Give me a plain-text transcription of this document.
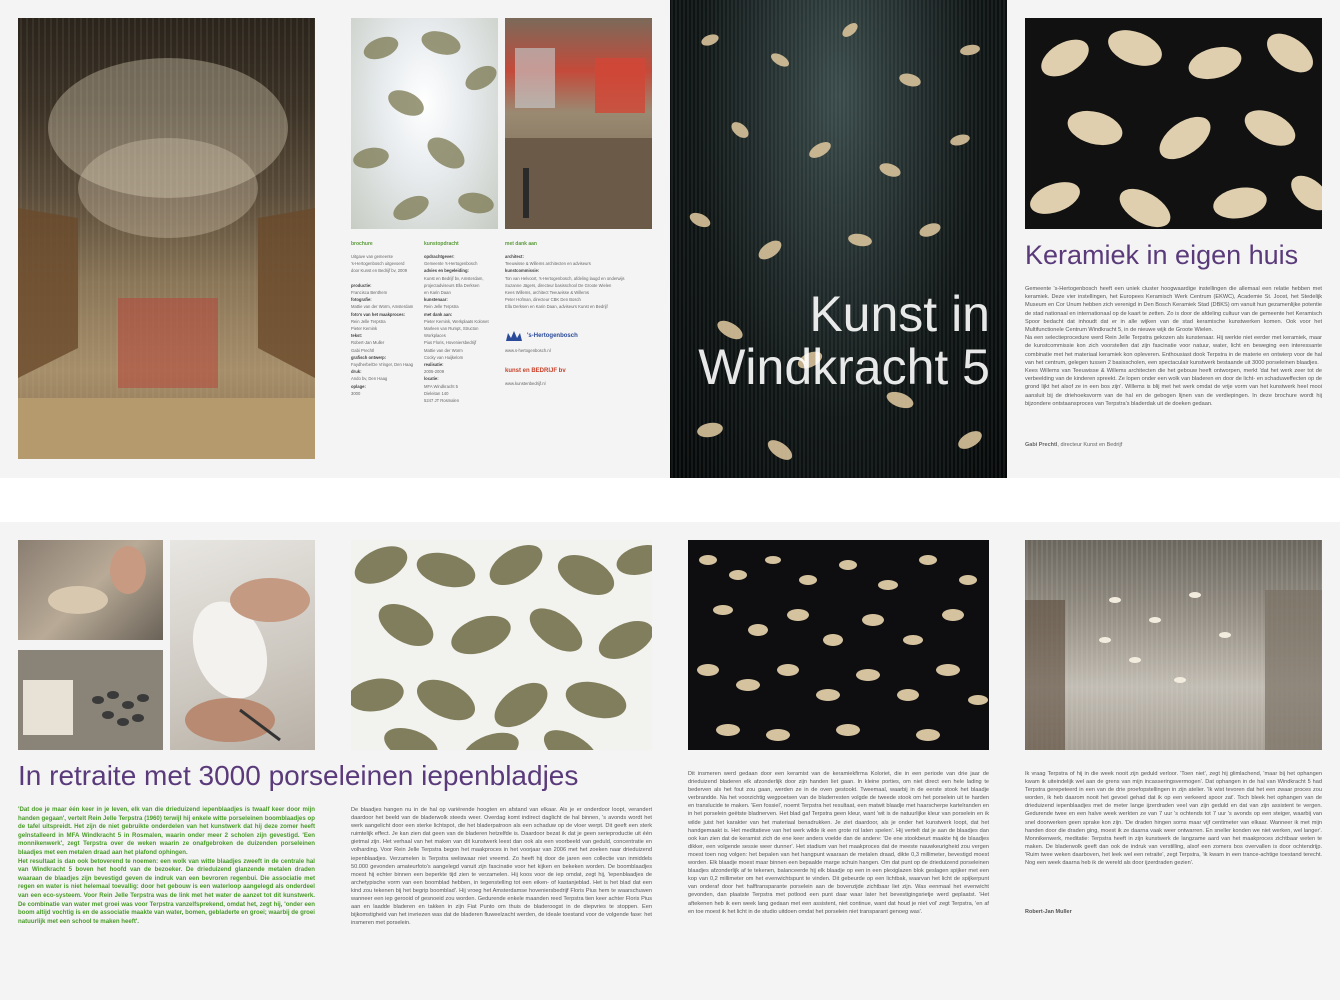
brochure
Uitgave van gemeente
's-Hertogenbosch uitgevoerd
door Kunst en Bedrijf bv, 2009

productie:
Francisca Benthem
fotografie:
Mattie van der Worm, Amsterdam
foto's van het maakproces:
Rein Jelle Terpstra
Pieter Kemink
tekst:
Robert-Jan Muller
Gabi Prechtl
grafisch ontwerp:
Faydherbe/De Vringer, Den Haag
druk:
Ando bv, Den Haag
oplage:
3000
kunstopdracht
opdrachtgever:
Gemeente 's-Hertogenbosch
advies en begeleiding:
Kunst en Bedrijf bv, Amsterdam,
projectadviseurs Ella Derksen
en Karin Daan
kunstenaar:
Rein Jelle Terpstra
met dank aan:
Pieter Kemink, Werkplaats Kolonet
Marleen van Rumpt, Structon
Workplaces
Pius Floris, Hoveniersbedrijf
Mattie van der Worm
Cocky van Huijkelom
realisatie:
2005-2009
locatie:
MFA Windkracht 5
Dieleitan 140
5247 JT Rosmalen
met dank aan
architect:
Teeuwisse & Willems architecten en adviseurs
kunstcommissie:
Ton van Helvoort, 's-Hertogenbosch, afdeling laugd en onderwijs
Suzanne Jägers, directeur basisschool De Groote Wielen
Kees Willems, architect Teeuwisse & Willems
Peter Hofman, directeur CBK Den Bosch
Ella Derksen en Karin Daan, adviseurs Kunst en Bedrijf
's-Hertogenbosch
www.s-hertogenbosch.nl
kunst en BEDRIJF bv
www.kunstenbedrijf.nl
Kunst in
Windkracht 5
Keramiek in eigen huis
Gemeente 's-Hertogenbosch heeft een uniek cluster hoogwaardige instellingen die allemaal een relatie hebben met keramiek. Deze vier instellingen, het Europees Keramisch Werk Centrum (EKWC), Academie St. Joost, het Stedelijk Museum en Cor Unum hebben zich verenigd in Den Bosch Keramiek Stad (DBKS) om vanuit hun gezamenlijke potentie de stad nationaal en internationaal op de kaart te zetten. Zo is door de afdeling cultuur van de gemeente het Keramisch Spoor bedacht dat inhoudt dat er in alle wijken van de stad keramische kunstwerken komen. Ook voor het Multifunctionele Centrum Windkracht 5, in de nieuwe wijk de Groote Wielen.
Na een selectieprocedure werd Rein Jelle Terpstra gekozen als kunstenaar. Hij werkte niet eerder met keramiek, maar de kunstcommissie kon zich voorstellen dat zijn fascinatie voor natuur, water, licht en beweging een interessante combinatie met het materiaal keramiek kon opleveren. Enthousiast dook Terpstra in de materie en ontwierp voor de hal van het centrum, gelegen tussen 2 basisscholen, een spectaculair kunstwerk bestaande uit 3000 porseleinen blaadjes.
Kees Willems van Teeuwisse & Willems architecten die het gebouw heeft ontworpen, merkt 'dat het werk zeer tot de verbeelding van de kinderen spreekt. Ze lopen onder een wolk van bladeren en door de licht- en schaduweffecten op de grond lijkt het alsof ze in een bos zijn'. Willems is blij met het werk omdat de vrije vorm van het kunstwerk heel mooi aansluit bij de driehoeksvorm van de hal en de gebogen lijnen van de verdiepingen. In deze brochure wordt hij bijzondere ontstaansproces van Terpstra's bladerdak uit de doeken gedaan.
Gabi Prechtl, directeur Kunst en Bedrijf
In retraite met 3000 porseleinen iepenbladjes
'Dat doe je maar één keer in je leven, elk van die drieduizend iepenblaadjes is twaalf keer door mijn handen gegaan', vertelt Rein Jelle Terpstra (1960) terwijl hij enkele witte porseleinen boomblaadjes op de tafel uitspreidt. Het zijn de niet gebruikte onderdelen van het kunstwerk dat hij deze zomer heeft geïnstalleerd in MFA Windkracht 5 in Rosmalen, waarin onder meer 2 scholen zijn gevestigd. 'Een monnikenwerk', zegt Terpstra over de weken waarin ze onafgebroken de duizenden porseleinen blaadjes met een metalen draad aan het plafond ophingen.
Het resultaat is dan ook betoverend te noemen: een wolk van witte blaadjes zweeft in de centrale hal van Windkracht 5 boven het hoofd van de bezoeker. De drieduizend glanzende metalen draden waaraan de blaadjes zijn bevestigd geven de indruk van een bevroren regenbui. Die associatie met regen en water is niet helemaal toevallig: door het gebouw is een waterloop aangelegd als onderdeel van een eco-systeem. Voor Rein Jelle Terpstra was de link met het water de aanzet tot dit kunstwerk. De combinatie van water met groei was voor Terpstra vanzelfsprekend, omdat het, zegt hij, 'onder een boom altijd vochtig is en de associatie maakte van water, bomen, gebladerte en groei; waarbij de groei natuurlijk met een school te maken heeft'.
De blaadjes hangen nu in de hal op variërende hoogten en afstand van elkaar. Als je er onderdoor loopt, verandert daardoor het beeld van de bladerwolk steeds weer. Overdag komt indirect daglicht de hal binnen, 's avonds wordt het werk aangelicht door een sterke lichtspot, die het bladerpatroon als een schaduw op de vloer werpt. Dit geeft een sterk ruimtelijk effect. Je kan zien dat geen van de bladeren hetzelfde is. Daardoor bezat ik dat je geen serieproductie uit één gietmal zijn. Het verhaal van het maken van dit kunstwerk leest dan ook als een voorbeeld van geduld, concentratie en volharding. Voor Rein Jelle Terpstra begon het maakproces in het voorjaar van 2006 met het zoeken naar drieduizend iepenblaadjes. Verzamelen is Terpstra weliswaar niet vreemd. Zo heeft hij door de jaren een collectie van inmiddels 50.000 gevonden amateurfoto's aangelegd vanuit zijn fascinatie voor het kijken en bekeken worden. De boomblaadjes moest hij echter binnen een beperkte tijd zien te verzamelen. Hij koos voor de iep omdat, zegt hij, 'iepenblaadjes de archetypische vorm van een boomblad hebben, in tegenstelling tot een eiken- of kastanjeblad. Het is het blad dat een kind zou tekenen bij het begrip boomblad'. Hij vroeg het Amsterdamse hoveniersbedrijf Floris Pius hem te waarschuwen wanneer een iep gerooid of gesnoeid zou worden. Gedurende enkele maanden reed Terpstra tien keer achter Floris Pius aan en laadde bladeren en takken in zijn Fiat Punto om thuis de bladeroogst in de diepvries te stoppen. Een bijkomstigheid van het invriezen was dat de bladeren fluweelzacht werden, de ideale toestand voor de volgende fase: het insmeren met porselein.
Dit insmeren werd gedaan door een keramist van de keramiekfirma Koloriet, die in een periode van drie jaar de drieduizend bladeren elk afzonderlijk door zijn handen liet gaan. In kleine porties, om niet direct een hele lading te bederven als het fout zou gaan, werden ze in de oven gestookt. Tweemaal, waarbij in de eerste stook het blaadje verbrandde. Na het voorzichtig wegpoetsen van de bladerresten volgde de tweede stook om het porselein uit te harden en translucide te maken. 'Een fossiel', noemt Terpstra het resultaat, een matwit blaadje met haarscherpe kartelranden en in het porselein geëtste bladnerven. Het blad gaf Terpstra geen kleur, want 'wit is de natuurlijke kleur van porselein en ik wilde juist het karakter van het materiaal benadrukken. Je ziet daardoor, als je onder het kunstwerk loopt, dat het handgemaakt is. Het meditatieve van het werk wilde ik een grote rol laten spelen'. Hij vertelt dat je aan de blaadjes dan ook kan zien dat de keramist zich de ene keer anders voelde dan de andere: 'De ene stookbeurt maakte hij de blaadjes dikker, een volgende sessie weer dunner'. Het stadium van het maakproces dat de meeste nauwkeurigheid zou vergen moest toen nog volgen: het bepalen van het hangpunt waaraan de metalen draad, dikte 0,3 millimeter, bevestigd moest worden. Elk blaadje moest maar binnen een bepaalde marge schuin hangen. Om dat punt op de drieduizend porseleinen blaadjes afzonderlijk af te tekenen, balanceerde hij elk blaadje op een in een plexiglazen blok geslagen spijker met een kop van 0,2 millimeter om het evenwichtspunt te vinden. Dit gebeurde op een lichtbak, waarvan het licht de spijkerpunt van onderaf door het halftransparante porselein aan de bovenzijde zichtbaar liet zijn. Was eenmaal het evenwicht gevonden, dan plaatste Terpstra met potlood een punt daar waar later het bevestigingsrietje werd geplaatst. 'Het aftekenen heb ik een week lang gedaan met een assistent, niet continue, want dat houd je niet vol' zegt Terpstra, 'en af en toe moest ik het licht in de studio uitdoen omdat het porselein niet transparant genoeg was'.
Ik vraag Terpstra of hij in die week nooit zijn geduld verloor. 'Toen niet', zegt hij glimlachend, 'maar bij het ophangen kwam ik uiteindelijk wel aan de grens van mijn incasseringsvermogen'. Dat ophangen in de hal van Windkracht 5 had Terpstra gerepeteerd in een van de drie proefopstellingen in zijn atelier. 'Ik wist tevoren dat het een zwaar proces zou worden, ik heb daarom nooit het gevoel gehad dat ik op een verkeerd spoor zat'. Toch bleek het ophangen van de drieduizend iepenblaadjes met de meter lange ijzerdraden veel van zijn geduld en dat van zijn assistent te vergen. Gedurende twee en een halve week werkten ze van 7 uur 's ochtends tot 7 uur 's avonds op een steiger, waarbij van snel doorwerken geen sprake kon zijn. 'De draden hingen soms maar vijf centimeter van elkaar. Wanneer ik met mijn handen door die draden ging, moest ik ze daarna vaak weer ontwarren. En sneller konden we niet werken, wel langer'. Monnikenwerk, meditatie: Terpstra heeft in zijn kunstwerk de langzame aard van het maakproces zichtbaar weten te maken. De bladerwolk geeft dan ook de indruk van verstilling, alsof een zomers bos overvallen is door ochtendrijp. 'Ruim twee weken daarboven, het leek wel een retraite', zegt Terpstra, 'ik kwam in een trance-achtige toestand terecht. Nog een week daarna heb ik de wereld als door ijzerdraden gezien'.
Robert-Jan Muller
